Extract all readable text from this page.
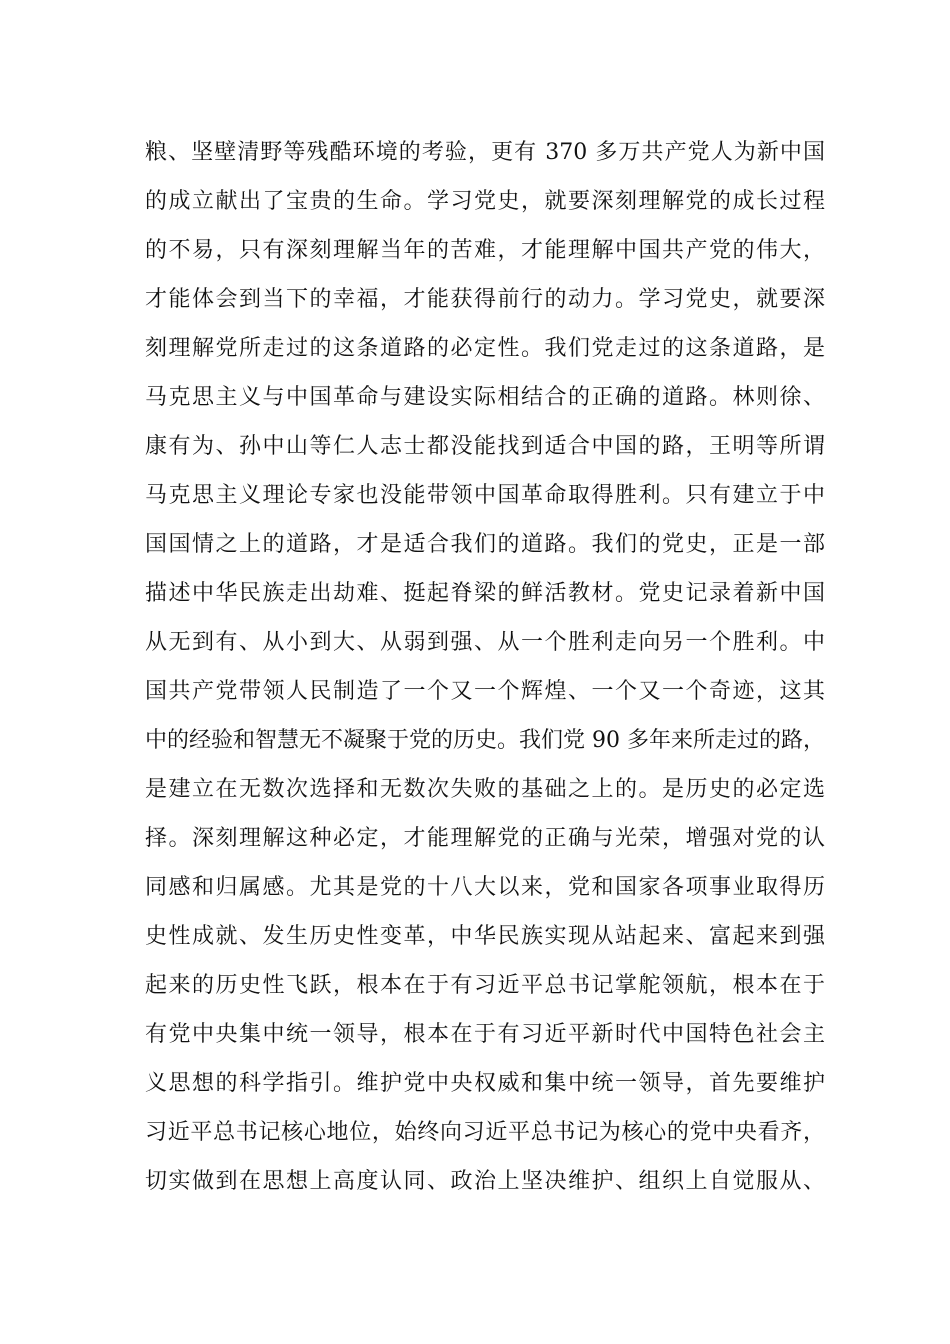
粮、坚壁清野等残酷环境的考验，更有 370 多万共产党人为新中国
的成立献出了宝贵的生命。学习党史，就要深刻理解党的成长过程
的不易，只有深刻理解当年的苦难，才能理解中国共产党的伟大，
才能体会到当下的幸福，才能获得前行的动力。学习党史，就要深
刻理解党所走过的这条道路的必定性。我们党走过的这条道路，是
马克思主义与中国革命与建设实际相结合的正确的道路。林则徐、
康有为、孙中山等仁人志士都没能找到适合中国的路，王明等所谓
马克思主义理论专家也没能带领中国革命取得胜利。只有建立于中
国国情之上的道路，才是适合我们的道路。我们的党史，正是一部
描述中华民族走出劫难、挺起脊梁的鲜活教材。党史记录着新中国
从无到有、从小到大、从弱到强、从一个胜利走向另一个胜利。中
国共产党带领人民制造了一个又一个辉煌、一个又一个奇迹，这其
中的经验和智慧无不凝聚于党的历史。我们党 90 多年来所走过的路，
是建立在无数次选择和无数次失败的基础之上的。是历史的必定选
择。深刻理解这种必定，才能理解党的正确与光荣，增强对党的认
同感和归属感。尤其是党的十八大以来，党和国家各项事业取得历
史性成就、发生历史性变革，中华民族实现从站起来、富起来到强
起来的历史性飞跃，根本在于有习近平总书记掌舵领航，根本在于
有党中央集中统一领导，根本在于有习近平新时代中国特色社会主
义思想的科学指引。维护党中央权威和集中统一领导，首先要维护
习近平总书记核心地位，始终向习近平总书记为核心的党中央看齐，
切实做到在思想上高度认同、政治上坚决维护、组织上自觉服从、
